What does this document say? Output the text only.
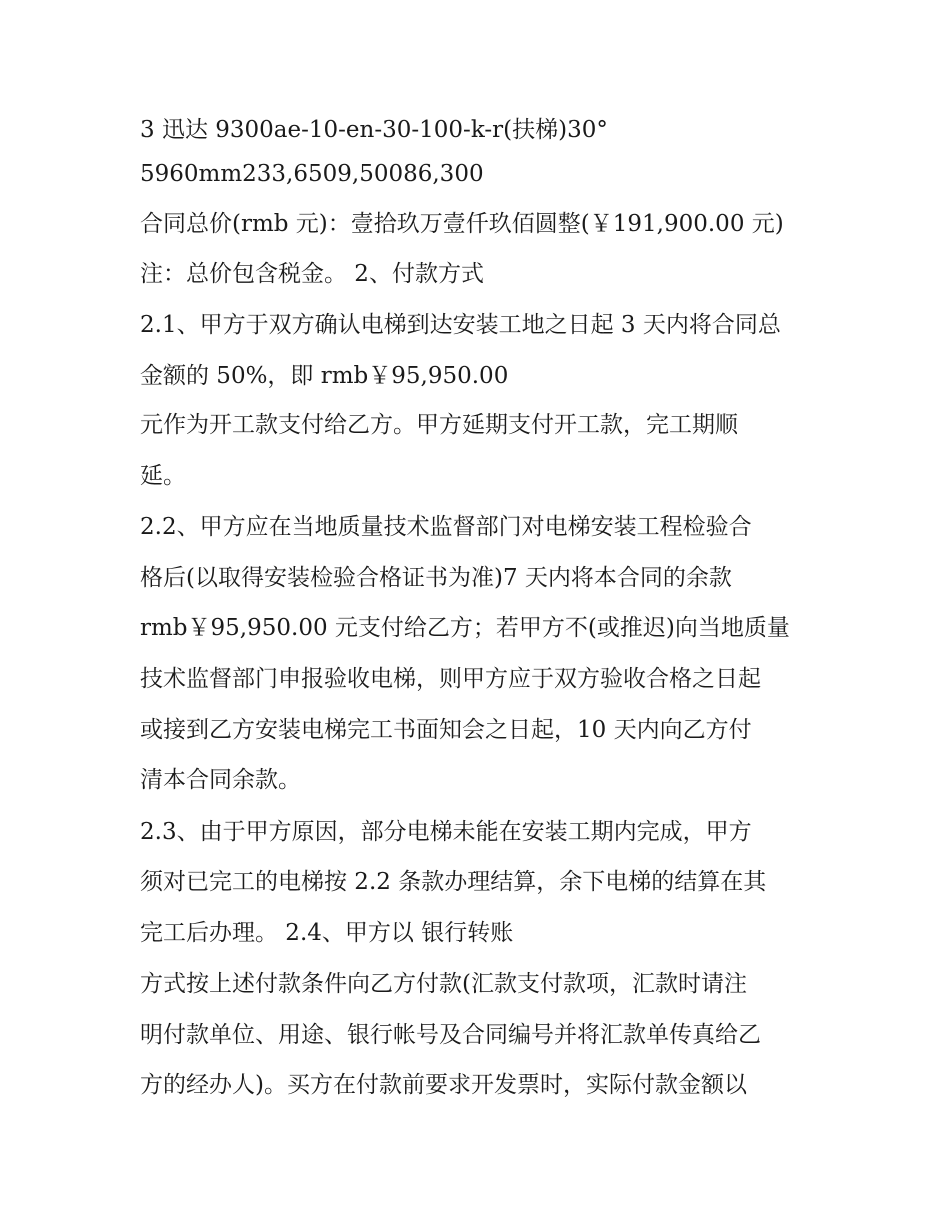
3 迅达 9300ae-10-en-30-100-k-r(扶梯)30°

5960mm233,6509,50086,300

合同总价(rmb 元)：壹拾玖万壹仟玖佰圆整(￥191,900.00 元)

注：总价包含税金。 2、付款方式

2.1、甲方于双方确认电梯到达安装工地之日起 3 天内将合同总

金额的 50%，即 rmb￥95,950.00

元作为开工款支付给乙方。甲方延期支付开工款，完工期顺

延。

2.2、甲方应在当地质量技术监督部门对电梯安装工程检验合

格后(以取得安装检验合格证书为准)7 天内将本合同的余款

rmb￥95,950.00 元支付给乙方；若甲方不(或推迟)向当地质量

技术监督部门申报验收电梯，则甲方应于双方验收合格之日起

或接到乙方安装电梯完工书面知会之日起，10 天内向乙方付

清本合同余款。

2.3、由于甲方原因，部分电梯未能在安装工期内完成，甲方

须对已完工的电梯按 2.2 条款办理结算，余下电梯的结算在其

完工后办理。 2.4、甲方以 银行转账

方式按上述付款条件向乙方付款(汇款支付款项，汇款时请注

明付款单位、用途、银行帐号及合同编号并将汇款单传真给乙

方的经办人)。买方在付款前要求开发票时，实际付款金额以
